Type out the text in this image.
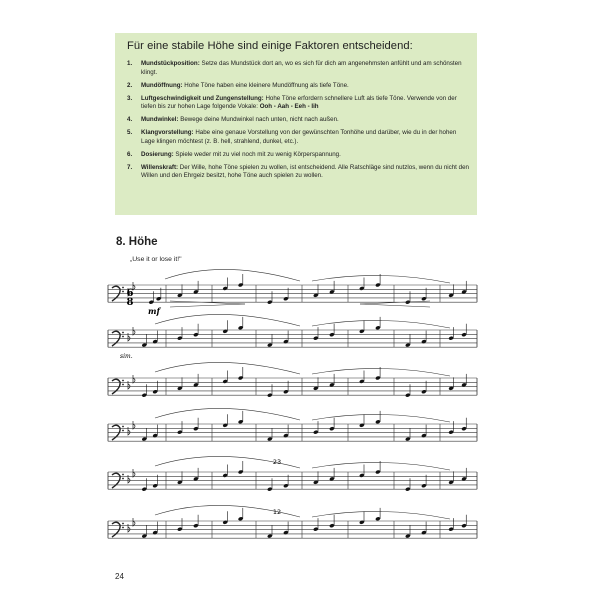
Für eine stabile Höhe sind einige Faktoren entscheidend:
1. Mundstückposition: Setze das Mundstück dort an, wo es sich für dich am angenehmsten anfühlt und am schönsten klingt.
2. Mundöffnung: Hohe Töne haben eine kleinere Mundöffnung als tiefe Töne.
3. Luftgeschwindigkeit und Zungenstellung: Hohe Töne erfordern schnellere Luft als tiefe Töne. Verwende von der tiefen bis zur hohen Lage folgende Vokale: Ooh - Aah - Eeh - Iih
4. Mundwinkel: Bewege deine Mundwinkel nach unten, nicht nach außen.
5. Klangvorstellung: Habe eine genaue Vorstellung von der gewünschten Tonhöhe und darüber, wie du in der hohen Lage klingen möchtest (z. B. hell, strahlend, dunkel, etc.).
6. Dosierung: Spiele weder mit zu viel noch mit zu wenig Körperspannung.
7. Willenskraft: Der Wille, hohe Töne spielen zu wollen, ist entscheidend. Alle Ratschläge sind nutzlos, wenn du nicht den Willen und den Ehrgeiz besitzt, hohe Töne auch spielen zu wollen.
8. Höhe
„Use it or lose it!"
6
8
mf
sim.
23
12
24
